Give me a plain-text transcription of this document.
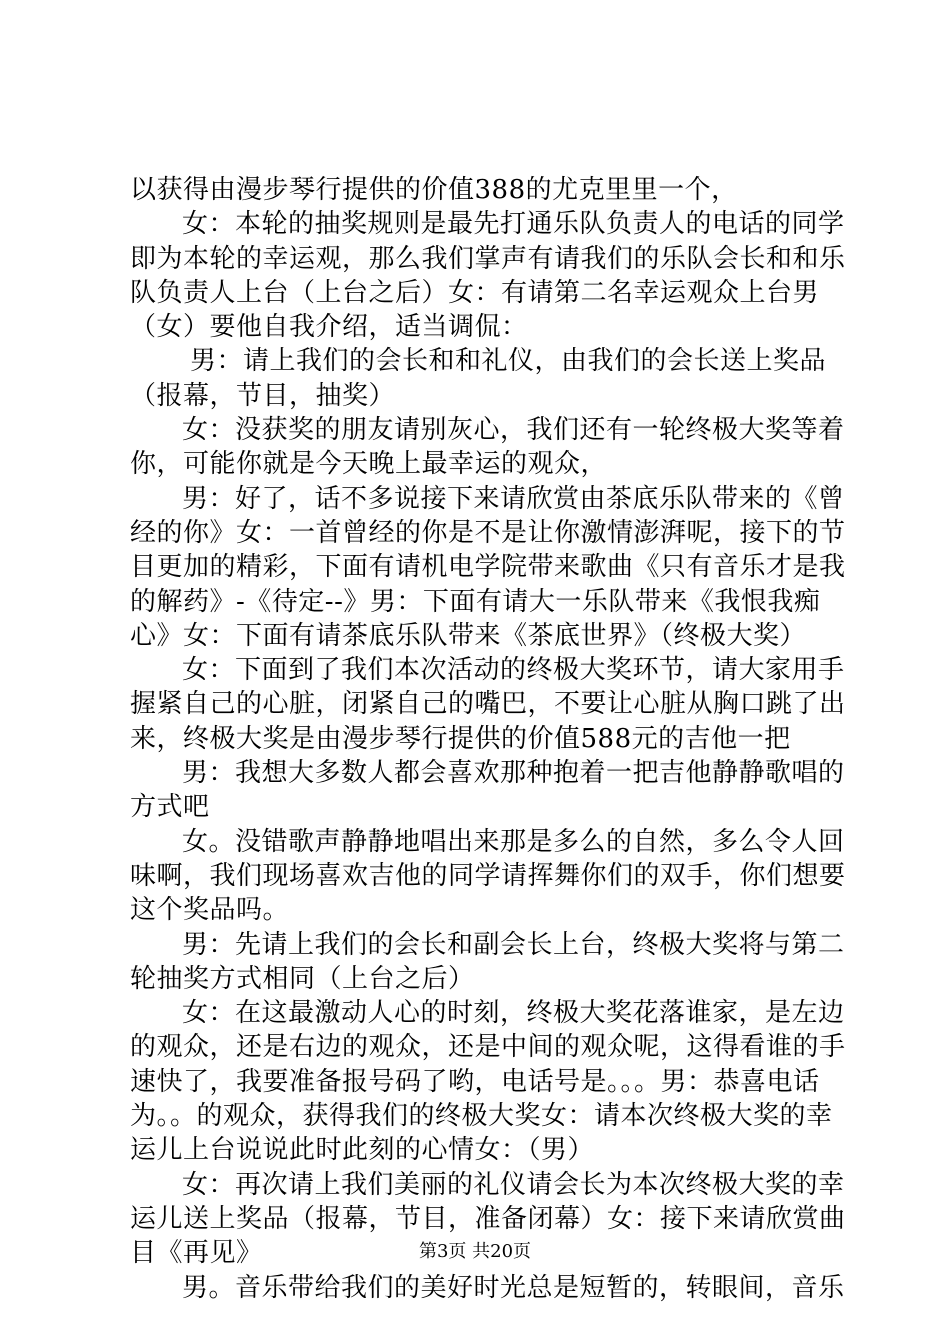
以获得由漫步琴行提供的价值388的尤克里里一个，
女：本轮的抽奖规则是最先打通乐队负责人的电话的同学
即为本轮的幸运观，那么我们掌声有请我们的乐队会长和和乐
队负责人上台（上台之后）女：有请第二名幸运观众上台男
（女）要他自我介绍，适当调侃：
男：请上我们的会长和和礼仪，由我们的会长送上奖品
（报幕，节目，抽奖）
女：没获奖的朋友请别灰心，我们还有一轮终极大奖等着
你，可能你就是今天晚上最幸运的观众，
男：好了，话不多说接下来请欣赏由茶底乐队带来的《曾
经的你》女：一首曾经的你是不是让你激情澎湃呢，接下的节
目更加的精彩，下面有请机电学院带来歌曲《只有音乐才是我
的解药》-《待定--》男：下面有请大一乐队带来《我恨我痴
心》女：下面有请茶底乐队带来《茶底世界》（终极大奖）
女：下面到了我们本次活动的终极大奖环节，请大家用手
握紧自己的心脏，闭紧自己的嘴巴，不要让心脏从胸口跳了出
来，终极大奖是由漫步琴行提供的价值588元的吉他一把
男：我想大多数人都会喜欢那种抱着一把吉他静静歌唱的
方式吧
女。没错歌声静静地唱出来那是多么的自然，多么令人回
味啊，我们现场喜欢吉他的同学请挥舞你们的双手，你们想要
这个奖品吗。
男：先请上我们的会长和副会长上台，终极大奖将与第二
轮抽奖方式相同（上台之后）
女：在这最激动人心的时刻，终极大奖花落谁家，是左边
的观众，还是右边的观众，还是中间的观众呢，这得看谁的手
速快了，我要准备报号码了哟，电话号是。。。男：恭喜电话
为。。的观众，获得我们的终极大奖女：请本次终极大奖的幸
运儿上台说说此时此刻的心情女：（男）
女：再次请上我们美丽的礼仪请会长为本次终极大奖的幸
运儿送上奖品（报幕，节目，准备闭幕）女：接下来请欣赏曲
目《再见》
男。音乐带给我们的美好时光总是短暂的，转眼间，音乐
第3页 共20页
